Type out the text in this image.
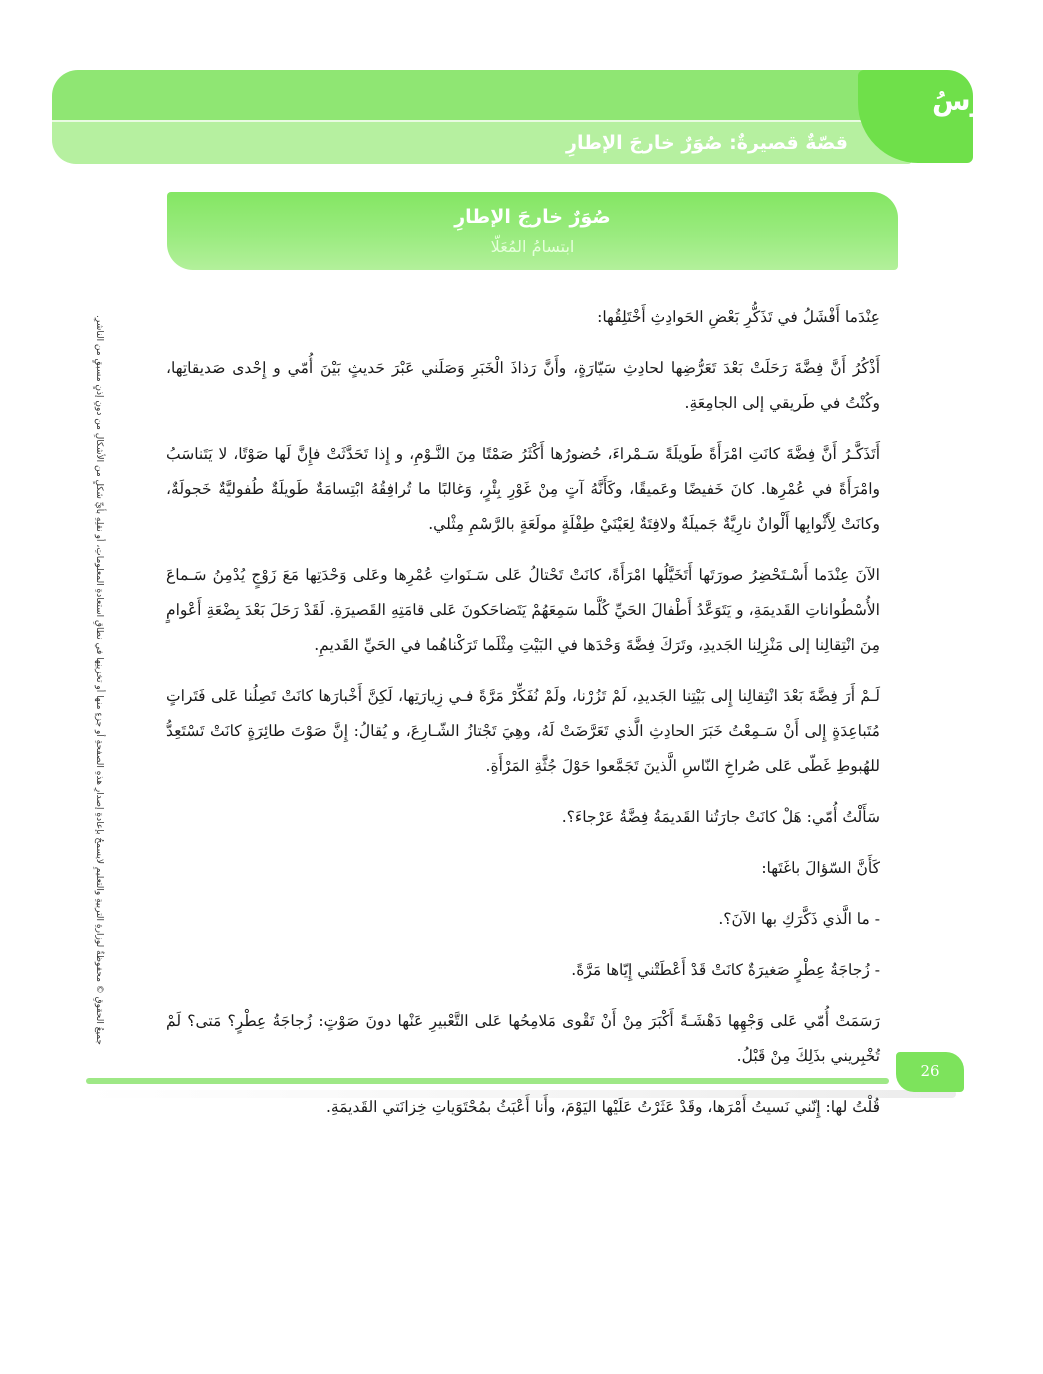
قصّةٌ قصيرةٌ: صُوَرٌ خارجَ الإطارِ
الدّرسُ
2
صُوَرٌ خارجَ الإطارِ
ابتسامُ المُعَلّا
جميعُ الحقوقِ © محفوظةٌ لوزارةِ التربيةِ والتعليمِ لايسمحُ بإعادةِ إصدارِ هذهِ الصفحةِ أو جزءٍ منها أو تخزينِها في نطاقِ استعادةِ المعلوماتِ، أو نقلِهِ بأيِّ شكلٍ من الأشكالِ من دونِ إذنٍ مسبقٍ من الناشرِ.	عِنْدَما أَفْشَلُ في تَذَكُّرِ بَعْضِ الحَوادِثِ أَخْتَلِقُها:

أَذْكُرُ أَنَّ فِضَّةَ رَحَلَتْ بَعْدَ تَعَرُّضِها لحادِثِ سَيّارَةٍ، وأَنَّ رَذاذَ الْخَبَرِ وَصَلَني عَبْرَ حَديثٍ بَيْنَ أُمّي و إِحْدى صَديقاتِها، وكُنْتُ في طَريقي إلى الجامِعَةِ.

أَتَذَكَّـرُ أَنَّ فِضَّةَ كانَتِ امْرَأَةً طَويلَةً سَـمْراءَ، حُضورُها أَكْثَرُ صَمْتًا مِنَ النَّـوْمِ، و إِذا تَحَدَّثَتْ فإِنَّ لَها صَوْتًا، لا يَتَناسَبُ وامْرَأَةً في عُمْرِها. كانَ خَفيضًا وعَميقًا، وكَأَنَّهُ آتٍ مِنْ غَوْرِ بِئْرٍ، وَغالبًا ما تُرافِقُهُ ابْتِسامَةٌ طَويلَةٌ طُفوليَّةٌ خَجولَةٌ، وكانَتْ لِأَثْوابِها أَلْوانٌ نارِيَّةٌ جَميلَةٌ ولافِتَةٌ لِعَيْنَيْ طِفْلَةٍ مولَعَةٍ بالرَّسْمِ مِثْلي.

الآنَ عِنْدَما أَسْـتَحْضِرُ صورَتَها أَتَخَيَّلُها امْرَأَةً، كانَتْ تَحْتالُ عَلى سَـنَواتِ عُمْرِها وعَلى وَحْدَتِها مَعَ زَوْجٍ يُدْمِنُ سَـماعَ الأُسْطُواناتِ القَديمَةِ، و يَتَوَعَّدُ أَطْفالَ الحَيِّ كُلَّما سَمِعَهُمْ يَتَضاحَكونَ عَلى قامَتِهِ القَصيرَةِ. لَقَدْ رَحَلَ بَعْدَ بِضْعَةِ أَعْوامٍ مِنَ انْتِقالِنا إلى مَنْزِلِنا الجَديدِ، وتَرَكَ فِضَّةَ وَحْدَها في البَيْتِ مِثْلَما تَرَكْناهُما في الحَيِّ القَديمِ.

لَـمْ أَرَ فِضَّةَ بَعْدَ انْتِقالِنا إِلى بَيْتِنا الجَديدِ، لَمْ تَزُرْنا، ولَمْ نُفَكِّرْ مَرَّةً فـي زِيارَتِها، لَكِنَّ أَخْبارَها كانَتْ تَصِلُنا عَلى فَتَراتٍ مُتَباعِدَةٍ إِلى أَنْ سَـمِعْتُ خَبَرَ الحادِثِ الَّذي تَعَرَّضَتْ لَهُ، وهِيَ تَجْتازُ الشّـارِعَ، و يُقالُ: إِنَّ صَوْتَ طائِرَةٍ كانَتْ تَسْتَعِدُّ للهُبوطِ غَطّى عَلى صُراخِ النّاسِ الَّذينَ تَجَمَّعوا حَوْلَ جُثَّةِ المَرْأَةِ.

سَأَلْتُ أُمّي: هَلْ كانَتْ جارَتُنا القَديمَةُ فِضَّةُ عَرْجاءَ؟.

كَأَنَّ السّؤالَ باغَتَها:

- ما الَّذي ذَكَّرَكِ بها الآنَ؟.

- زُجاجَةُ عِطْرٍ صَغيرَةٌ كانَتْ قَدْ أَعْطَتْني إِيّاها مَرَّةً.

رَسَمَتْ أُمّي عَلى وَجْهِها دَهْشَـةً أَكْبَرَ مِنْ أَنْ تَقْوى مَلامِحُها عَلى التَّعْبيرِ عَنْها دونَ صَوْتٍ: زُجاجَةُ عِطْرٍ؟ مَتى؟ لَمْ تُخْبِريني بذَلِكَ مِنْ قَبْلُ.

قُلْتُ لها: إِنّني نَسيتُ أَمْرَها، وقَدْ عَثَرْتُ عَلَيْها اليَوْمَ، وأَنا أَعْبَثُ بمُحْتَوَياتِ خِزانَتي القَديمَةِ.

26
